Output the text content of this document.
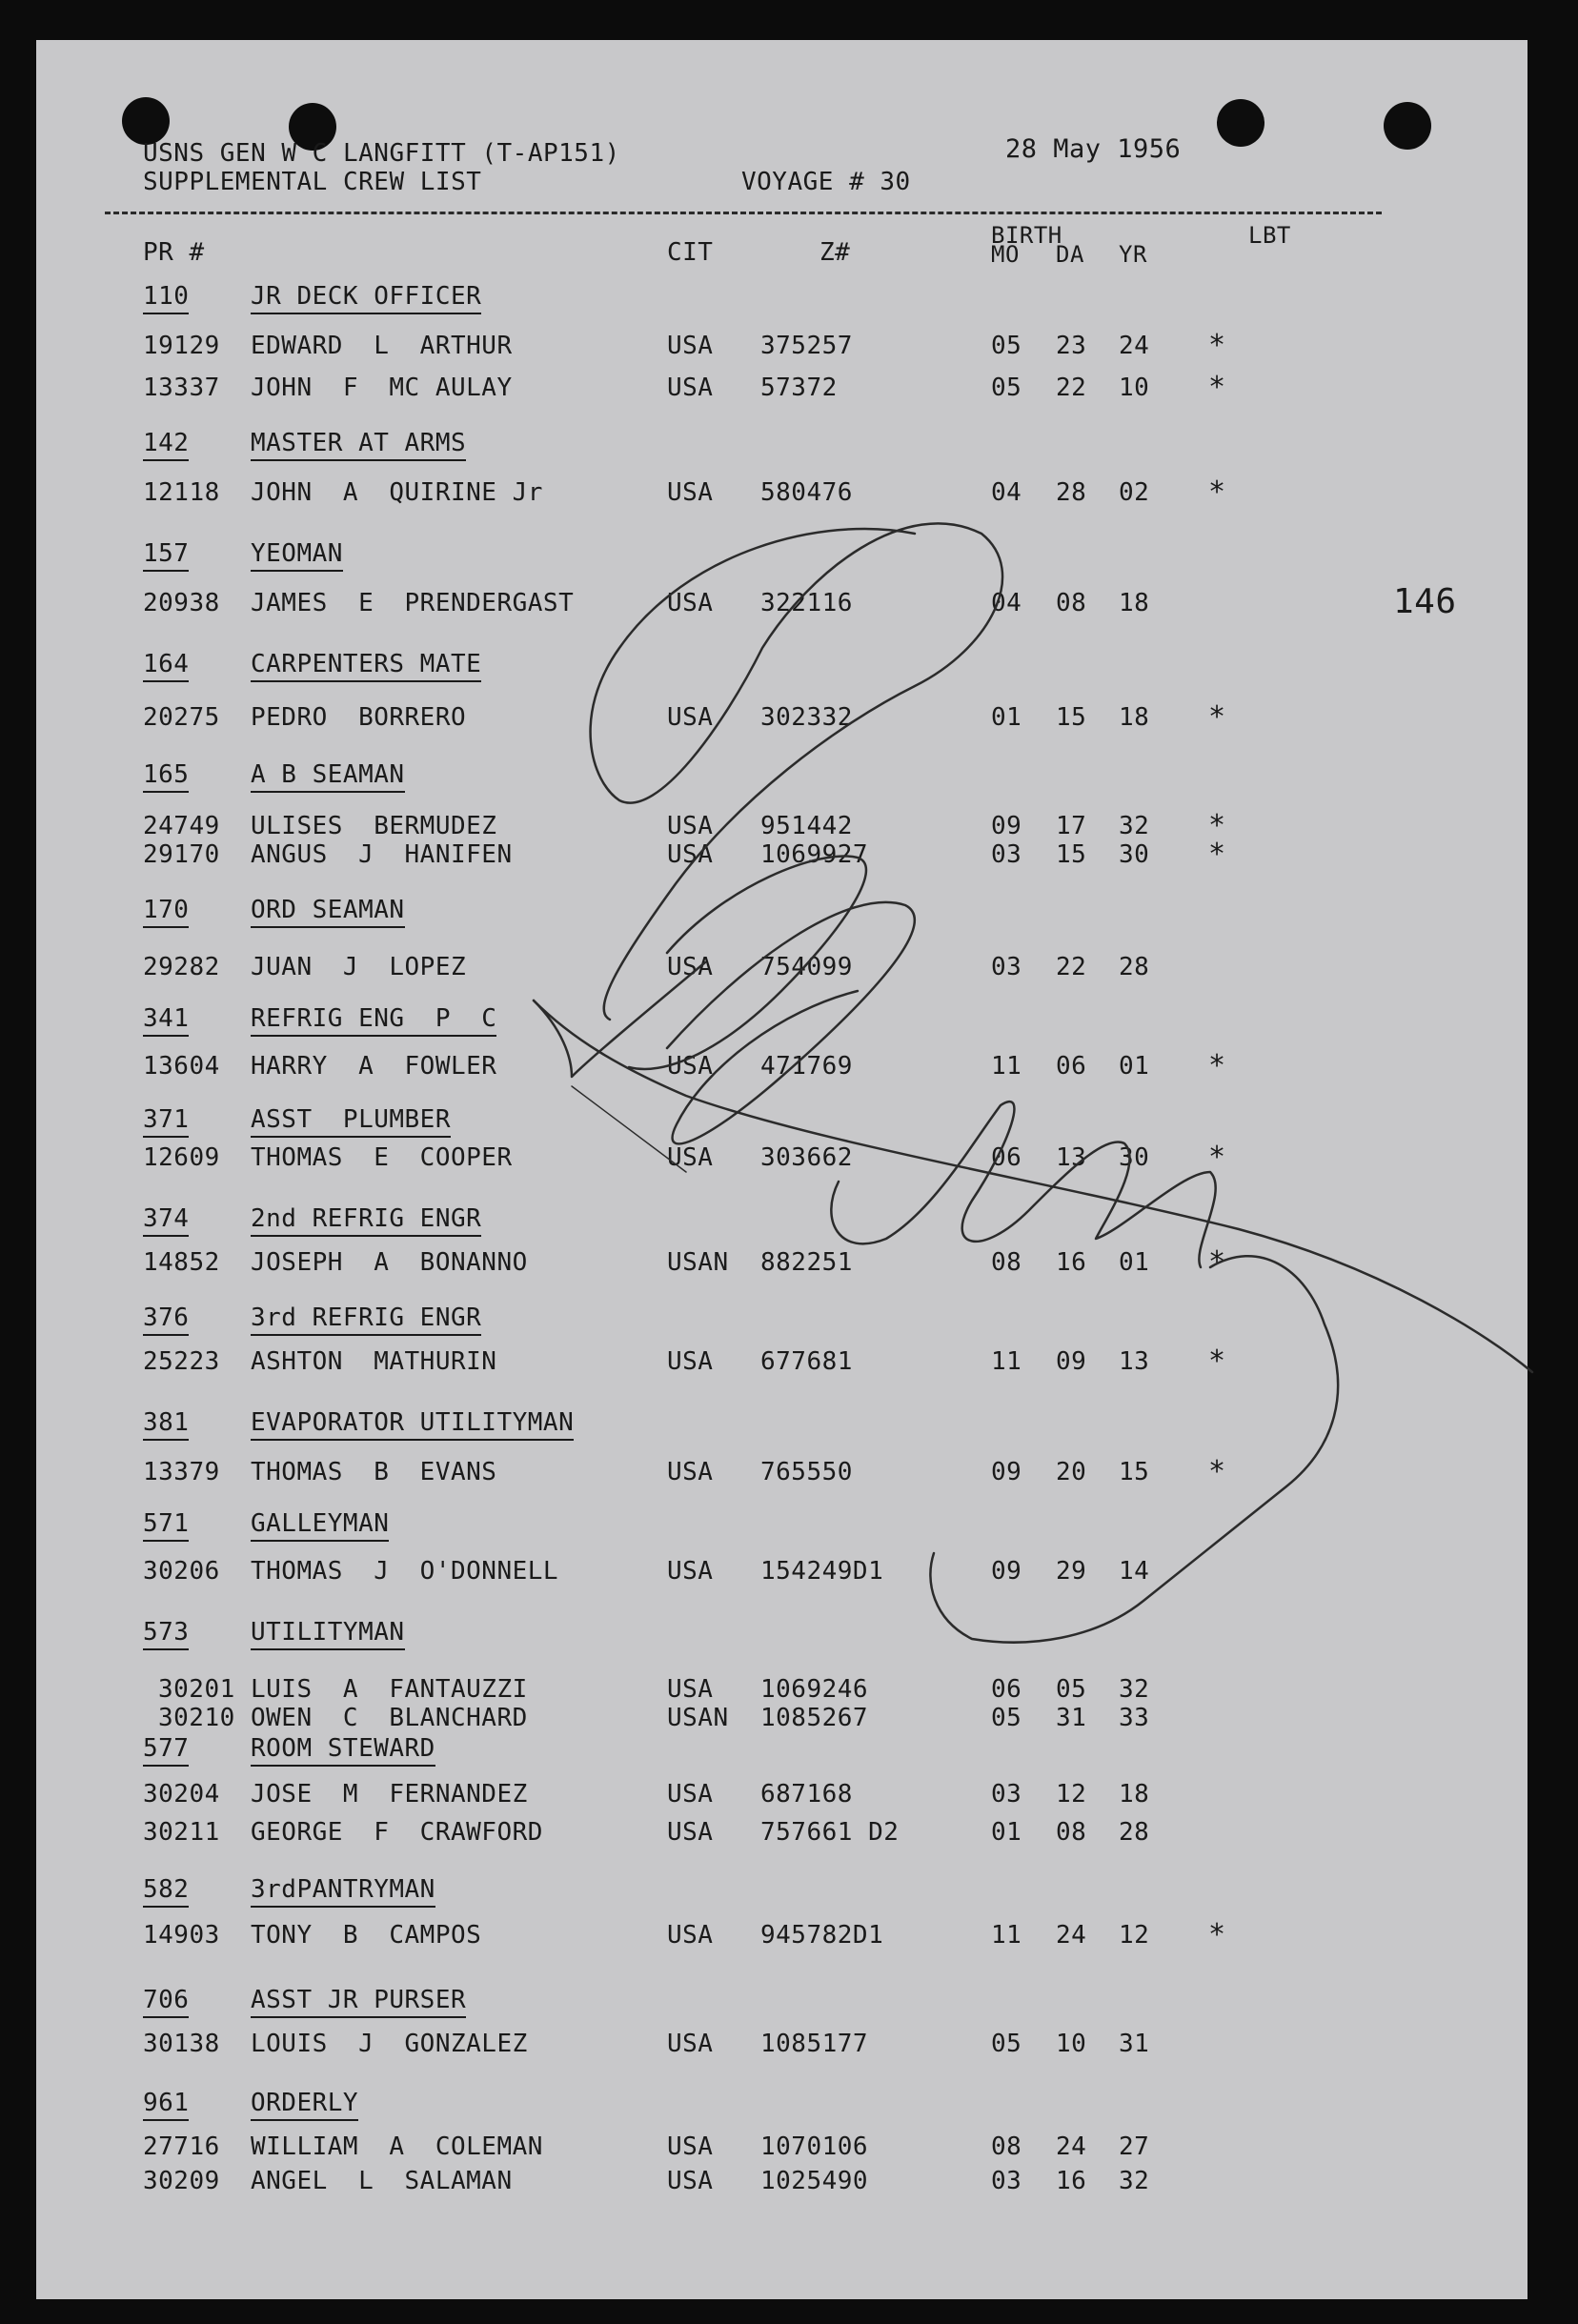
USNS GEN W C LANGFITT (T-AP151)	28 May 1956
SUPPLEMENTAL CREW LIST	VOYAGE # 30
BIRTH	LBT
PR #	CIT	Z#	MO DA YR
146
110 JR DECK OFFICER
19129 EDWARD  L  ARTHUR	USA 375257	05 23 24 *
13337 JOHN  F  MC AULAY	USA 57372	05 22 10 *
142 MASTER AT ARMS
12118 JOHN  A  QUIRINE Jr	USA 580476	04 28 02 *
157 YEOMAN
20938 JAMES  E  PRENDERGAST	USA 322116	04 08 18
164 CARPENTERS MATE
20275 PEDRO  BORRERO	USA 302332	01 15 18 *
165 A B SEAMAN
24749 ULISES  BERMUDEZ	USA 951442	09 17 32 *
29170 ANGUS  J  HANIFEN	USA 1069927	03 15 30 *
170 ORD SEAMAN
29282 JUAN  J  LOPEZ	USA 754099	03 22 28
341 REFRIG ENG  P  C
13604 HARRY  A  FOWLER	USA 471769	11 06 01 *
371 ASST  PLUMBER
12609 THOMAS  E  COOPER	USA 303662	06 13 30 *
374 2nd REFRIG ENGR
14852 JOSEPH  A  BONANNO	USAN 882251	08 16 01 *
376 3rd REFRIG ENGR
25223 ASHTON  MATHURIN	USA 677681	11 09 13 *
381 EVAPORATOR UTILITYMAN
13379 THOMAS  B  EVANS	USA 765550	09 20 15 *
571 GALLEYMAN
30206 THOMAS  J  O'DONNELL	USA 154249D1	09 29 14
573 UTILITYMAN
30201 LUIS  A  FANTAUZZI	USA 1069246	06 05 32
30210 OWEN  C  BLANCHARD	USAN 1085267	05 31 33
577 ROOM STEWARD
30204 JOSE  M  FERNANDEZ	USA 687168	03 12 18
30211 GEORGE  F  CRAWFORD	USA 757661 D2	01 08 28
582 3rdPANTRYMAN
14903 TONY  B  CAMPOS	USA 945782D1	11 24 12 *
706 ASST JR PURSER
30138 LOUIS  J  GONZALEZ	USA 1085177	05 10 31
961 ORDERLY
27716 WILLIAM  A  COLEMAN	USA 1070106	08 24 27
30209 ANGEL  L  SALAMAN	USA 1025490	03 16 32
